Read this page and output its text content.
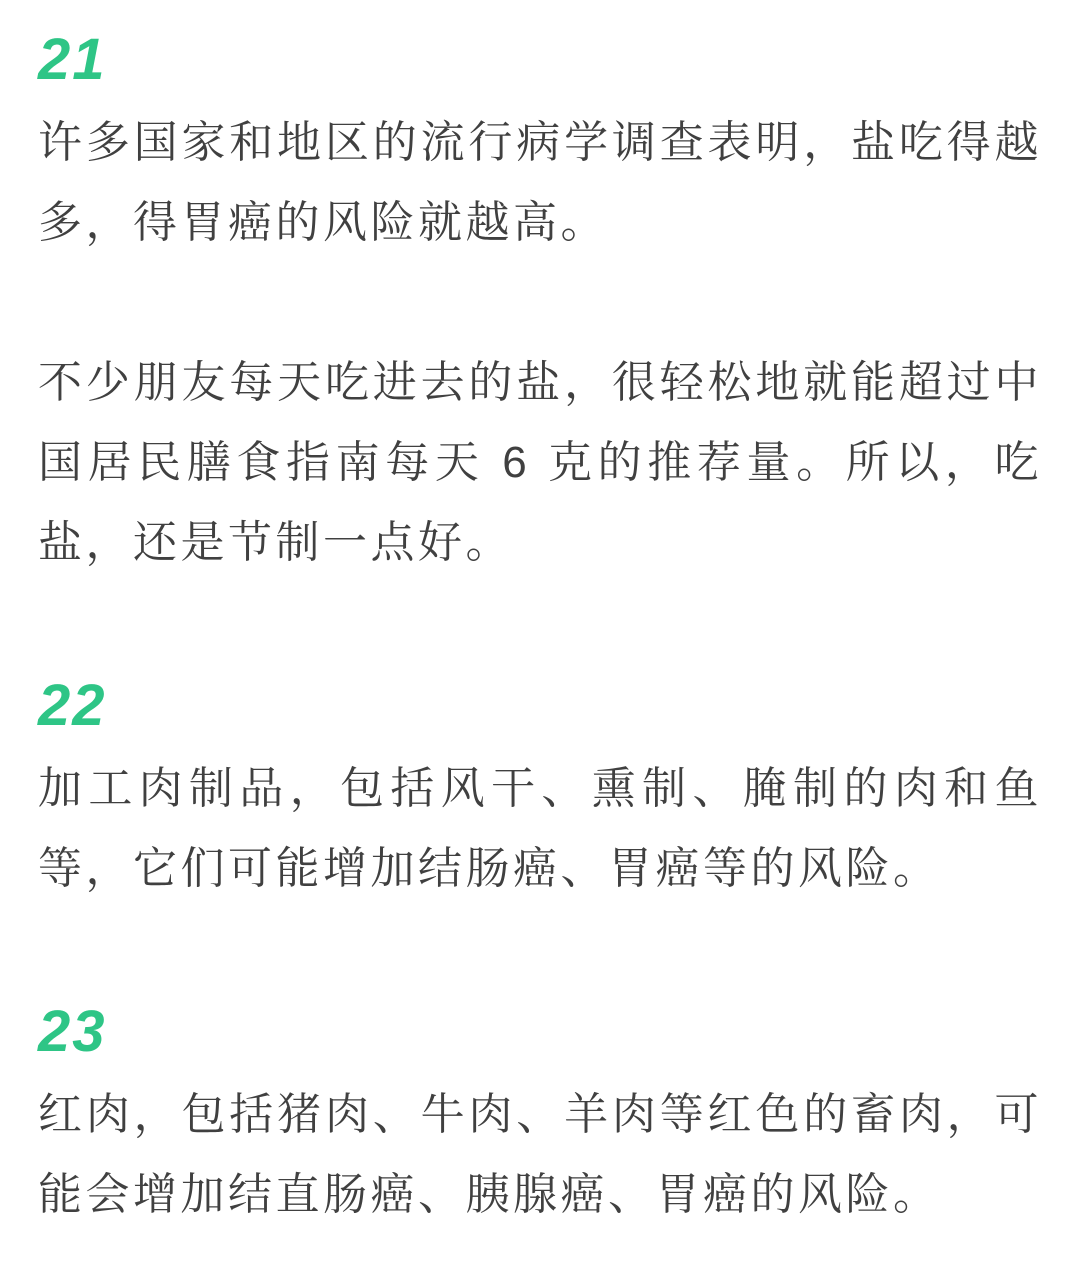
21

许多国家和地区的流行病学调查表明，盐吃得越多，得胃癌的风险就越高。

不少朋友每天吃进去的盐，很轻松地就能超过中国居民膳食指南每天 6 克的推荐量。所以，吃盐，还是节制一点好。

22

加工肉制品，包括风干、熏制、腌制的肉和鱼等，它们可能增加结肠癌、胃癌等的风险。

23

红肉，包括猪肉、牛肉、羊肉等红色的畜肉，可能会增加结直肠癌、胰腺癌、胃癌的风险。
